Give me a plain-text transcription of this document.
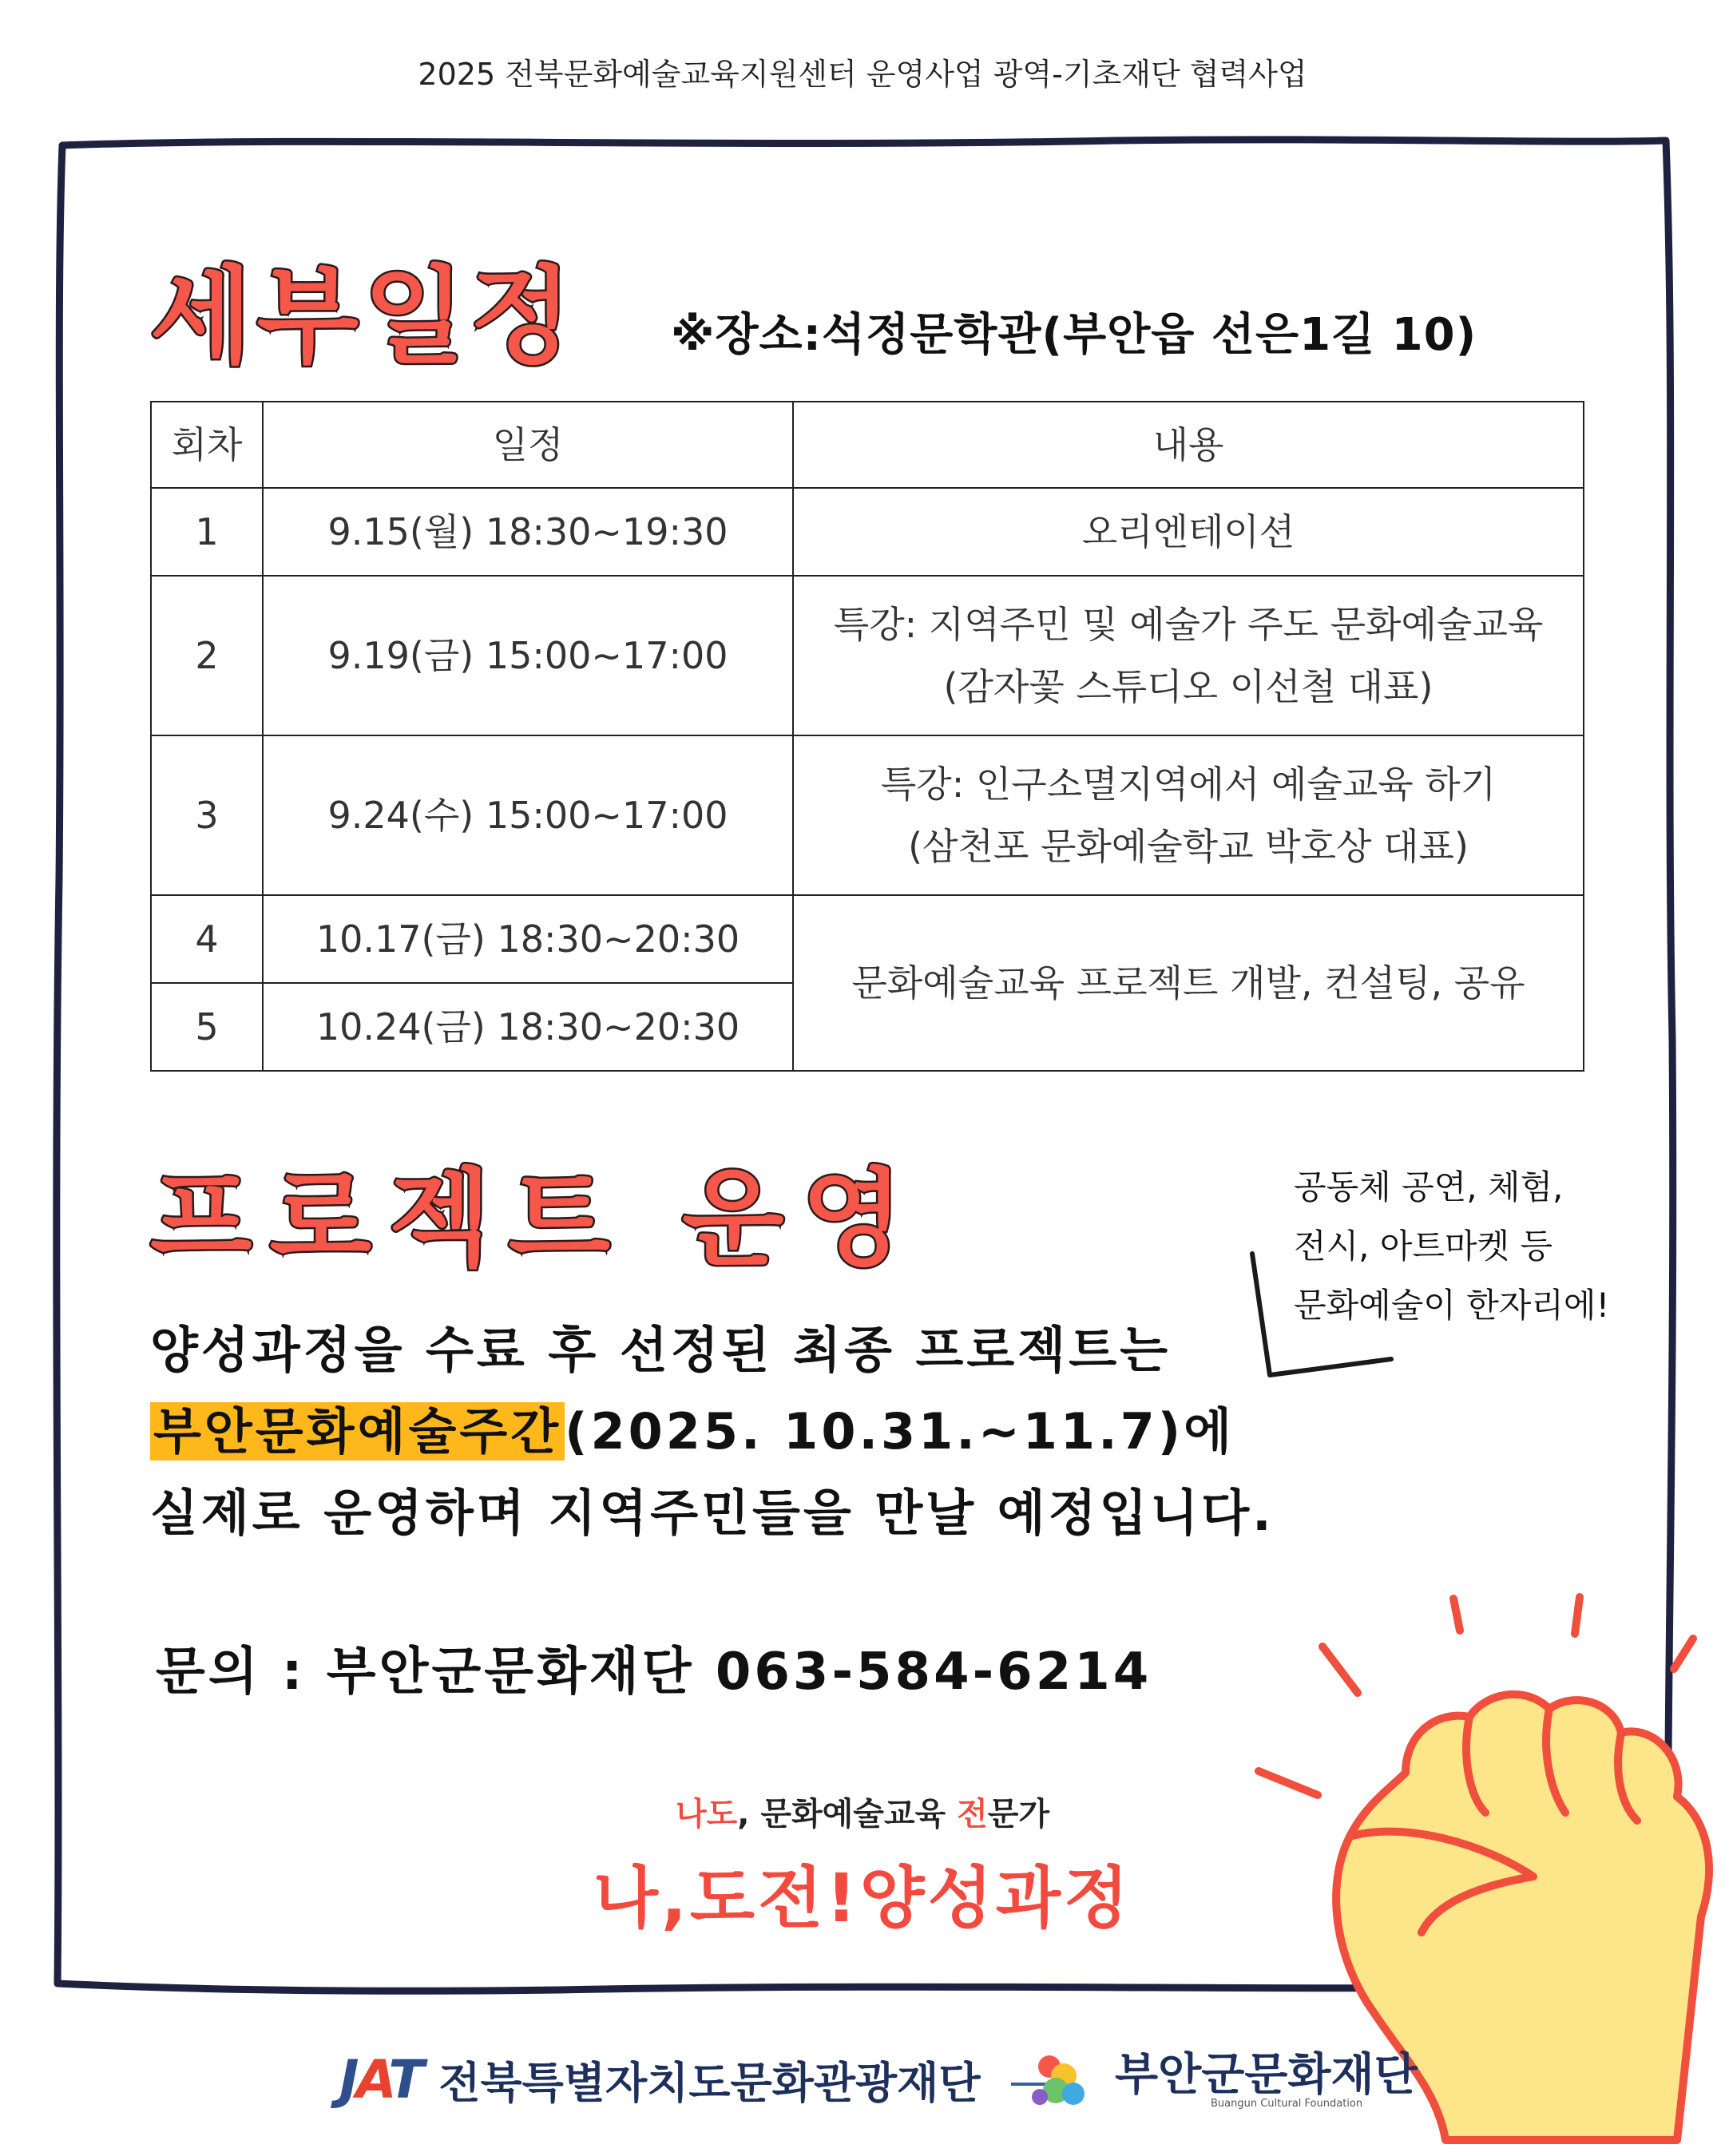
2025 전북문화예술교육지원센터 운영사업 광역-기초재단 협력사업
세부일정 ※장소:석정문학관(부안읍 선은1길 10)
회차	일정	내용
1	9.15(월) 18:30~19:30	오리엔테이션
2	9.19(금) 15:00~17:00	특강: 지역주민 및 예술가 주도 문화예술교육
(감자꽃 스튜디오 이선철 대표)

3	9.24(수) 15:00~17:00	특강: 인구소멸지역에서 예술교육 하기
(삼천포 문화예술학교 박호상 대표)

4	10.17(금) 18:30~20:30	문화예술교육 프로젝트 개발, 컨설팅, 공유
5	10.24(금) 18:30~20:30	
프로젝트 운영	공동체 공연, 체험,
전시, 아트마켓 등
문화예술이 한자리에!
양성과정을 수료 후 선정된 최종 프로젝트는
부안문화예술주간(2025. 10.31.~11.7)에
실제로 운영하며 지역주민들을 만날 예정입니다.
문의 : 부안군문화재단 063-584-6214
나도, 문화예술교육 전문가
나,도전!양성과정
JAT 전북특별자치도문화관광재단	부안군문화재단
Buangun Cultural Foundation
